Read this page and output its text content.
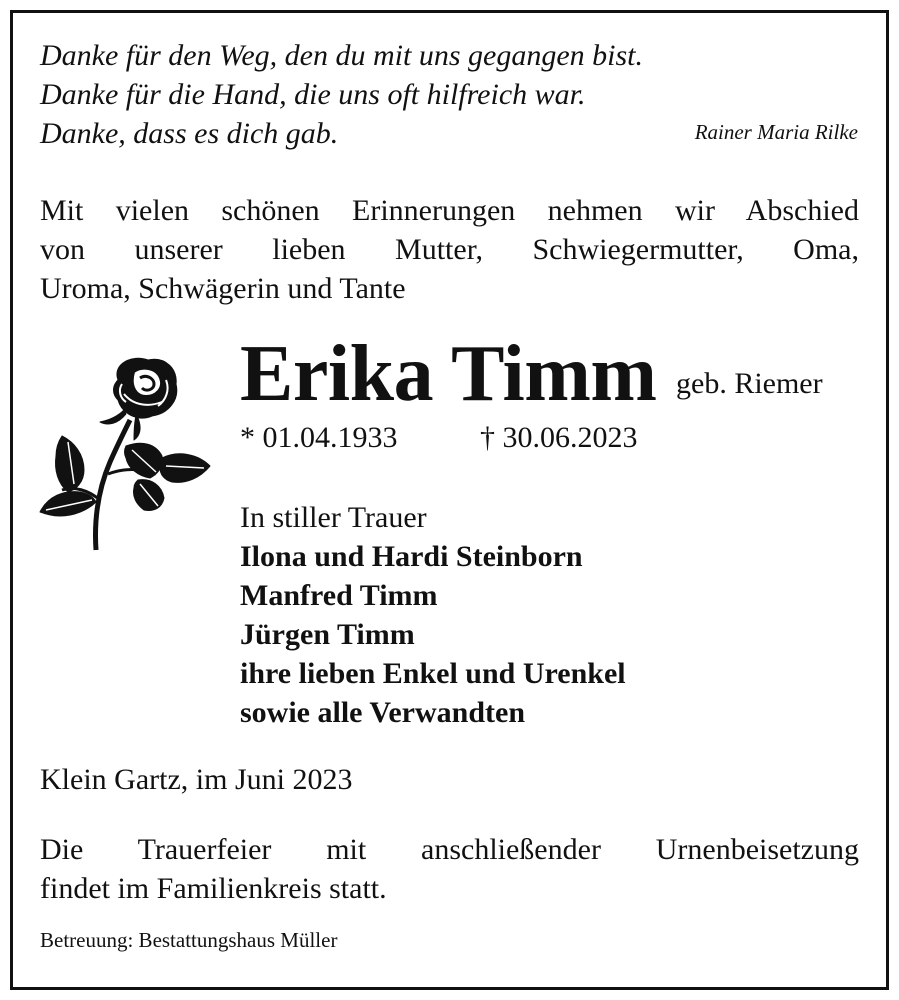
Danke für den Weg, den du mit uns gegangen bist.
Danke für die Hand, die uns oft hilfreich war.
Danke, dass es dich gab.	Rainer Maria Rilke
Mit vielen schönen Erinnerungen nehmen wir Abschied
von unserer lieben Mutter, Schwiegermutter, Oma,
Uroma, Schwägerin und Tante
Erika Timm geb. Riemer
* 01.04.1933	† 30.06.2023
In stiller Trauer
Ilona und Hardi Steinborn
Manfred Timm
Jürgen Timm
ihre lieben Enkel und Urenkel
sowie alle Verwandten
Klein Gartz, im Juni 2023
Die Trauerfeier mit anschließender Urnenbeisetzung
findet im Familienkreis statt.
Betreuung: Bestattungshaus Müller
